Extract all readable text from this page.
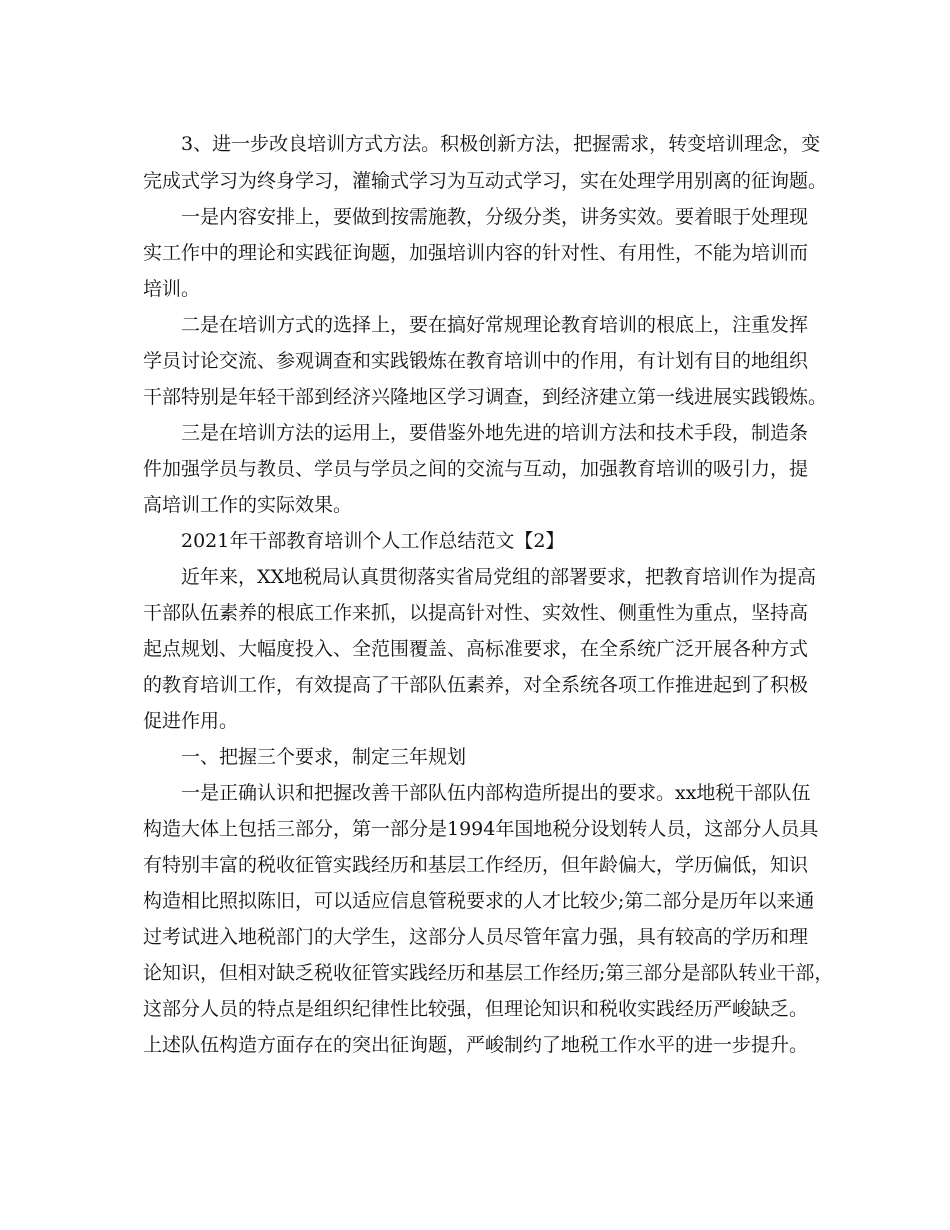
3、进一步改良培训方式方法。积极创新方法，把握需求，转变培训理念，变
完成式学习为终身学习，灌输式学习为互动式学习，实在处理学用别离的征询题。
一是内容安排上，要做到按需施教，分级分类，讲务实效。要着眼于处理现
实工作中的理论和实践征询题，加强培训内容的针对性、有用性，不能为培训而
培训。
二是在培训方式的选择上，要在搞好常规理论教育培训的根底上，注重发挥
学员讨论交流、参观调查和实践锻炼在教育培训中的作用，有计划有目的地组织
干部特别是年轻干部到经济兴隆地区学习调查，到经济建立第一线进展实践锻炼。
三是在培训方法的运用上，要借鉴外地先进的培训方法和技术手段，制造条
件加强学员与教员、学员与学员之间的交流与互动，加强教育培训的吸引力，提
高培训工作的实际效果。
2021年干部教育培训个人工作总结范文【2】
近年来，XX地税局认真贯彻落实省局党组的部署要求，把教育培训作为提高
干部队伍素养的根底工作来抓，以提高针对性、实效性、侧重性为重点，坚持高
起点规划、大幅度投入、全范围覆盖、高标准要求，在全系统广泛开展各种方式
的教育培训工作，有效提高了干部队伍素养，对全系统各项工作推进起到了积极
促进作用。
一、把握三个要求，制定三年规划
一是正确认识和把握改善干部队伍内部构造所提出的要求。xx地税干部队伍
构造大体上包括三部分，第一部分是1994年国地税分设划转人员，这部分人员具
有特别丰富的税收征管实践经历和基层工作经历，但年龄偏大，学历偏低，知识
构造相比照拟陈旧，可以适应信息管税要求的人才比较少;第二部分是历年以来通
过考试进入地税部门的大学生，这部分人员尽管年富力强，具有较高的学历和理
论知识，但相对缺乏税收征管实践经历和基层工作经历;第三部分是部队转业干部，
这部分人员的特点是组织纪律性比较强，但理论知识和税收实践经历严峻缺乏。
上述队伍构造方面存在的突出征询题，严峻制约了地税工作水平的进一步提升。
